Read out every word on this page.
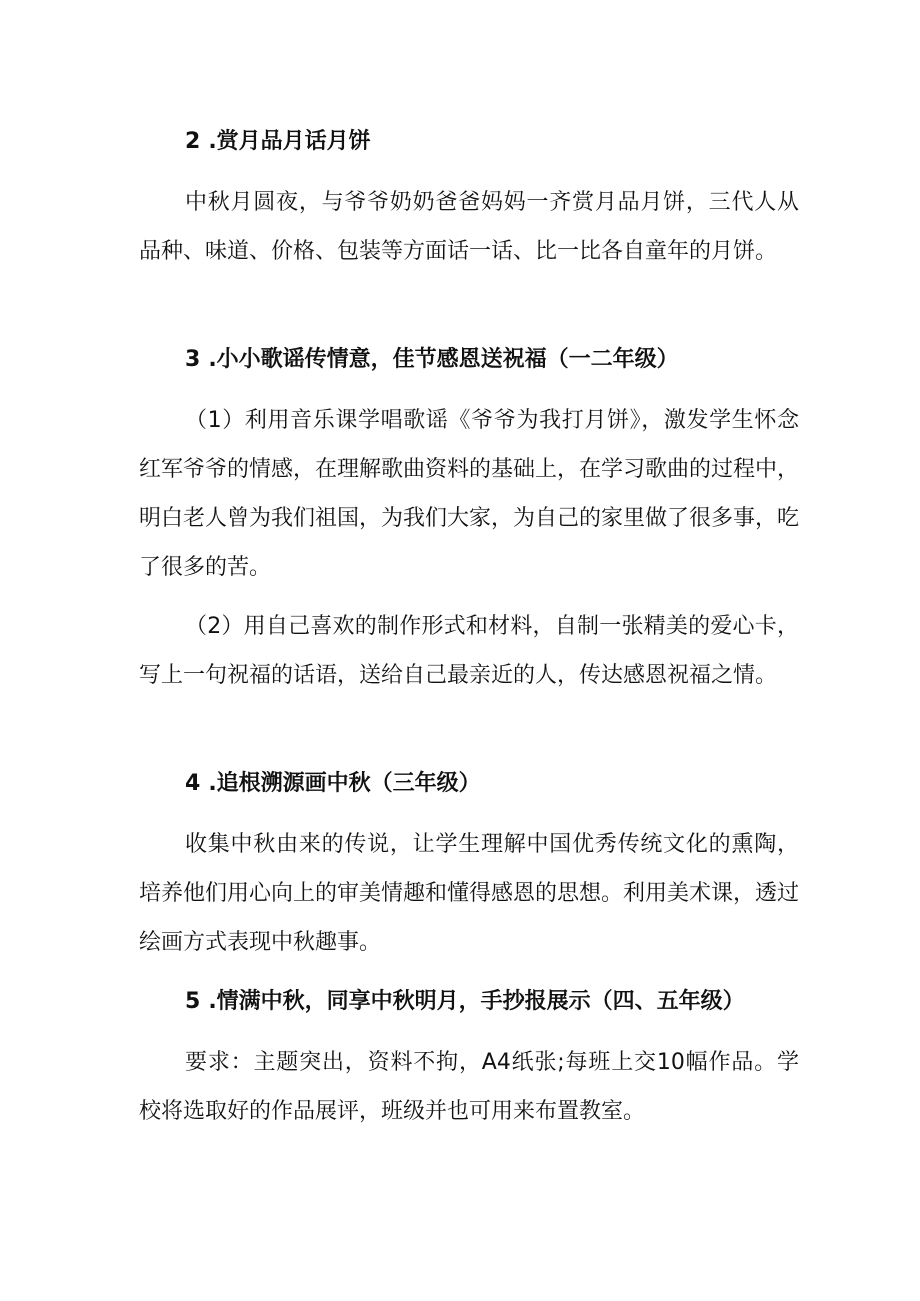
2 .赏月品月话月饼
中秋月圆夜，与爷爷奶奶爸爸妈妈一齐赏月品月饼，三代人从品种、味道、价格、包装等方面话一话、比一比各自童年的月饼。
3 .小小歌谣传情意，佳节感恩送祝福（一二年级）
（1）利用音乐课学唱歌谣《爷爷为我打月饼》，激发学生怀念红军爷爷的情感，在理解歌曲资料的基础上，在学习歌曲的过程中，明白老人曾为我们祖国，为我们大家，为自己的家里做了很多事，吃了很多的苦。
（2）用自己喜欢的制作形式和材料，自制一张精美的爱心卡，写上一句祝福的话语，送给自己最亲近的人，传达感恩祝福之情。
4 .追根溯源画中秋（三年级）
收集中秋由来的传说，让学生理解中国优秀传统文化的熏陶，培养他们用心向上的审美情趣和懂得感恩的思想。利用美术课，透过绘画方式表现中秋趣事。
5 .情满中秋，同享中秋明月，手抄报展示（四、五年级）
要求：主题突出，资料不拘，A4纸张;每班上交10幅作品。学校将选取好的作品展评，班级并也可用来布置教室。
